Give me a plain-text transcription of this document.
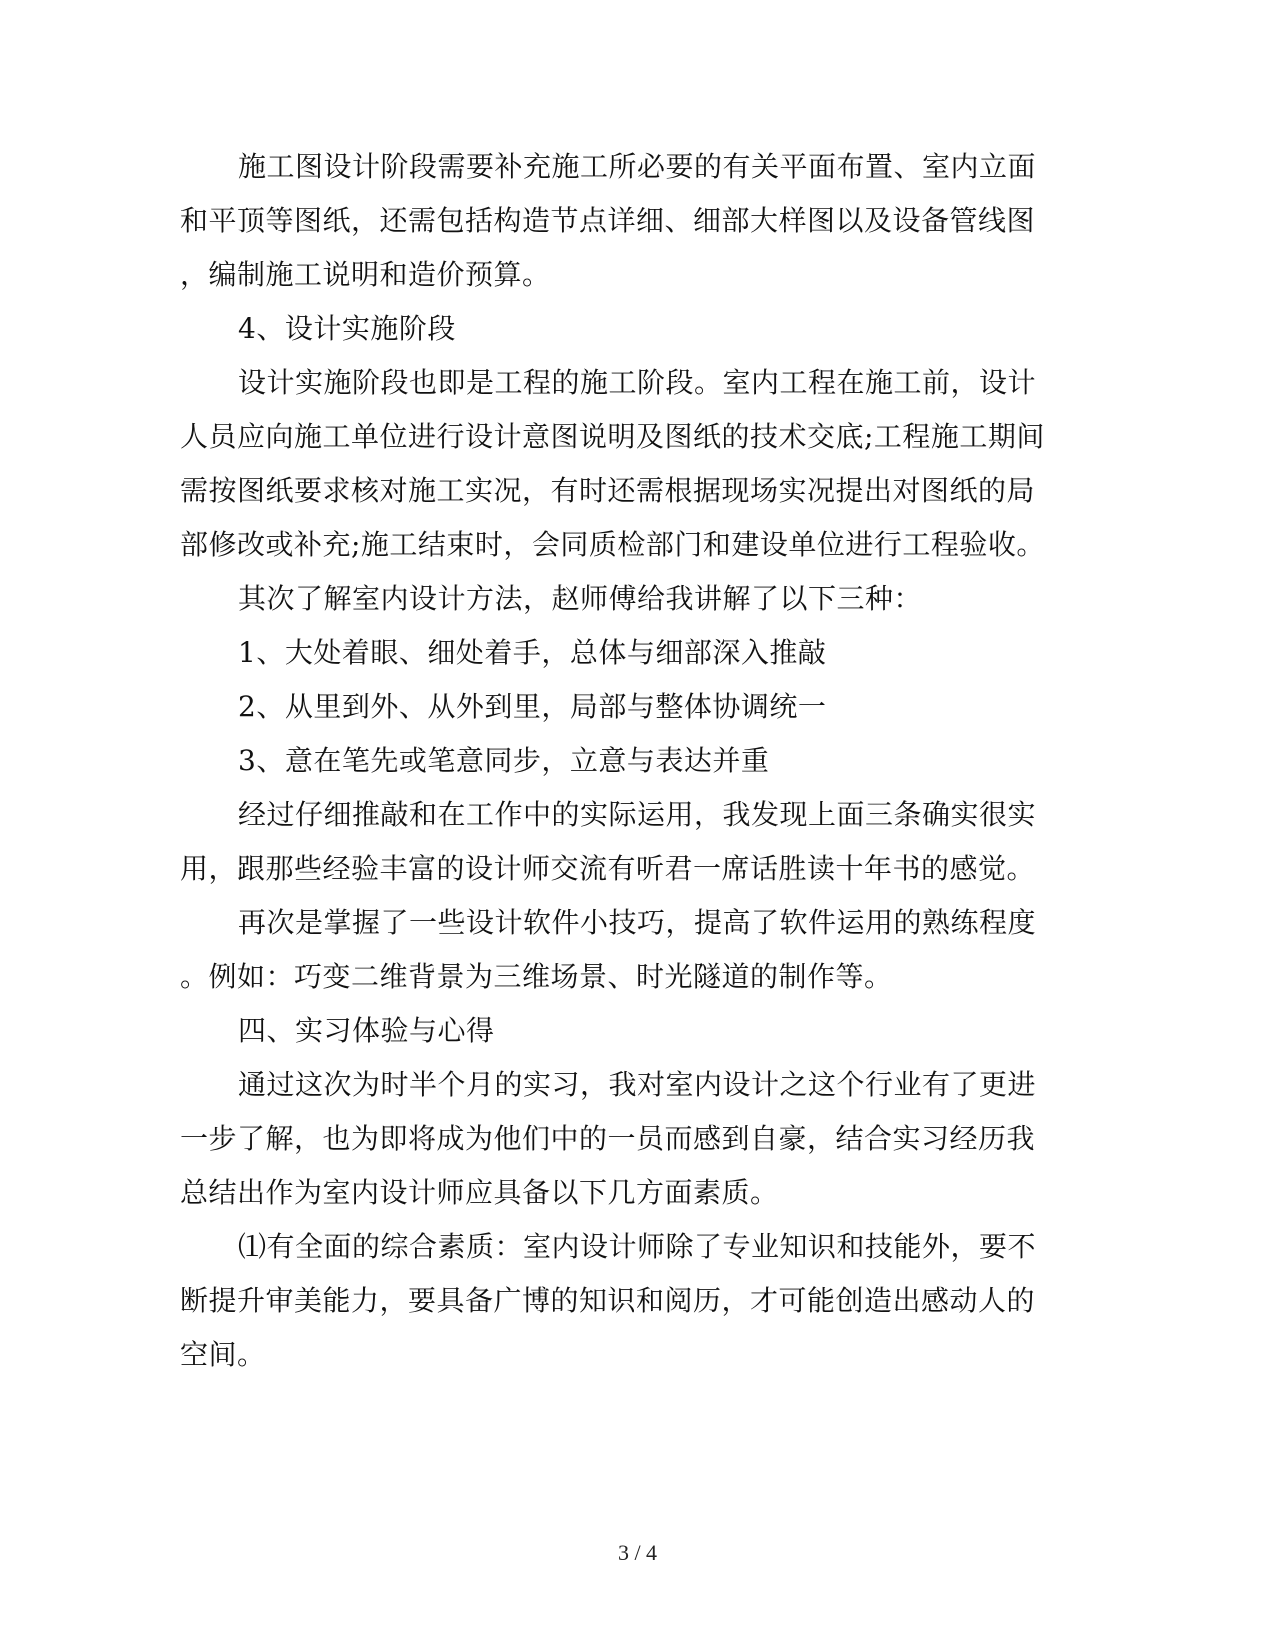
施工图设计阶段需要补充施工所必要的有关平面布置、室内立面
和平顶等图纸，还需包括构造节点详细、细部大样图以及设备管线图
，编制施工说明和造价预算。
4、设计实施阶段
设计实施阶段也即是工程的施工阶段。室内工程在施工前，设计
人员应向施工单位进行设计意图说明及图纸的技术交底;工程施工期间
需按图纸要求核对施工实况，有时还需根据现场实况提出对图纸的局
部修改或补充;施工结束时，会同质检部门和建设单位进行工程验收。
其次了解室内设计方法，赵师傅给我讲解了以下三种：
1、大处着眼、细处着手，总体与细部深入推敲
2、从里到外、从外到里，局部与整体协调统一
3、意在笔先或笔意同步，立意与表达并重
经过仔细推敲和在工作中的实际运用，我发现上面三条确实很实
用，跟那些经验丰富的设计师交流有听君一席话胜读十年书的感觉。
再次是掌握了一些设计软件小技巧，提高了软件运用的熟练程度
。例如：巧变二维背景为三维场景、时光隧道的制作等。
四、实习体验与心得
通过这次为时半个月的实习，我对室内设计之这个行业有了更进
一步了解，也为即将成为他们中的一员而感到自豪，结合实习经历我
总结出作为室内设计师应具备以下几方面素质。
⑴有全面的综合素质：室内设计师除了专业知识和技能外，要不
断提升审美能力，要具备广博的知识和阅历，才可能创造出感动人的
空间。
3 / 4
